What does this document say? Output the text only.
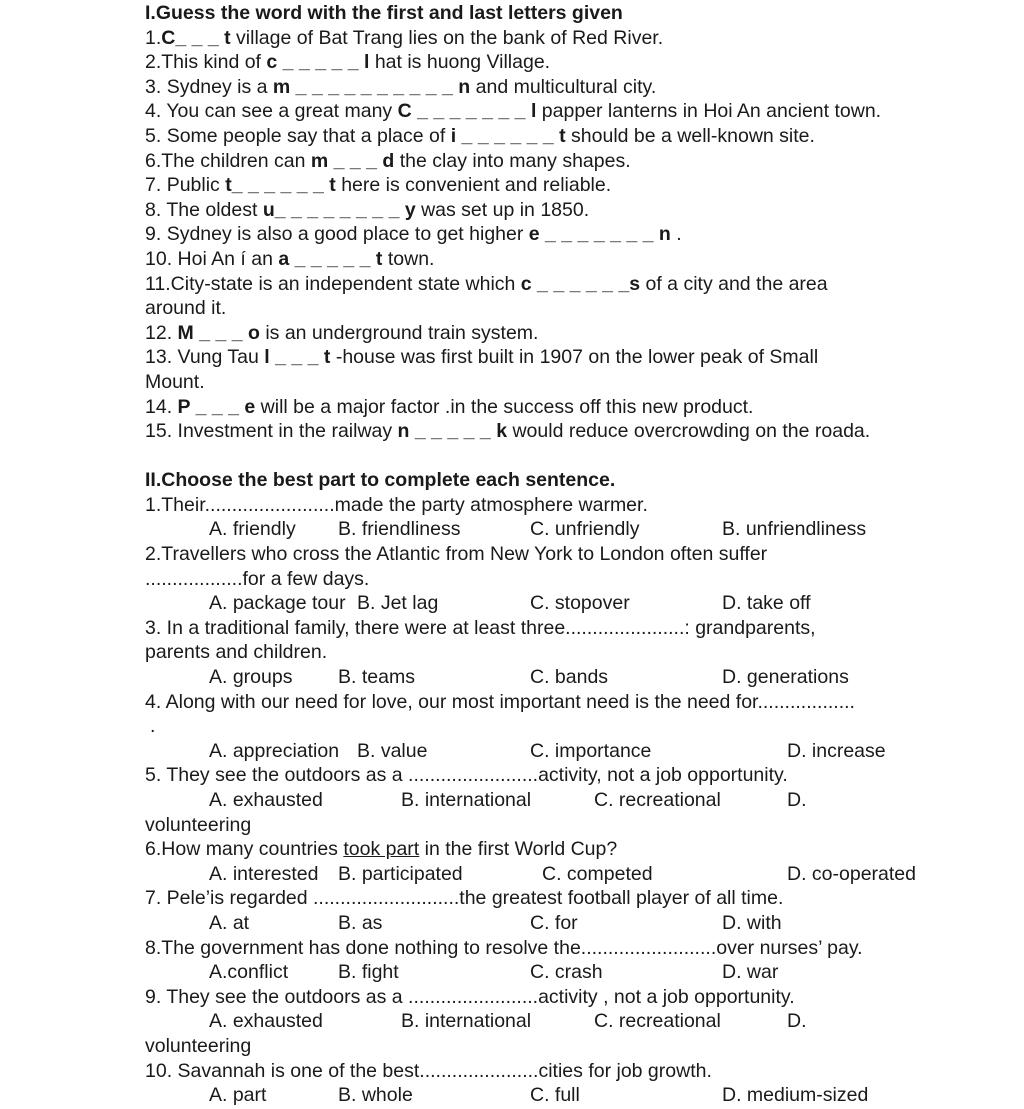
I.Guess the word with the first and last letters given
1.C_ _ _ t village of Bat Trang lies on the bank of Red River.
2.This kind of c _ _ _ _ _ l hat is huong Village.
3. Sydney is a m _ _ _ _ _ _ _ _ _ _ n and multicultural city.
4. You can see a great many C _ _ _ _ _ _ _ l papper lanterns in Hoi An ancient town.
5. Some people say that a place of i _ _ _ _ _ _ t should be a well-known site.
6.The children can m _ _ _ d the clay into many shapes.
7. Public t_ _ _ _ _ _ t here is convenient and reliable.
8. The oldest u_ _ _ _ _ _ _ _ y was set up in 1850.
9. Sydney is also a good place to get higher e _ _ _ _ _ _ _ n .
10. Hoi An í an a _ _ _ _ _ t town.
11.City-state is an independent state which c _ _ _ _ _ _s of a city and the area
around it.
12. M _ _ _ o is an underground train system.
13. Vung Tau l _ _ _ t -house was first built in 1907 on the lower peak of Small
Mount.
14. P _ _ _ e will be a major factor .in the success off this new product.
15. Investment in the railway n _ _ _ _ _ k would reduce overcrowding on the roada.
II.Choose the best part to complete each sentence.
1.Their........................made the party atmosphere warmer.
A. friendly B. friendliness	C. unfriendly	B. unfriendliness
2.Travellers who cross the Atlantic from New York to London often suffer
..................for a few days.
A. package tour B. Jet lag	C. stopover	D. take off
3. In a traditional family, there were at least three......................: grandparents,
parents and children.
A. groups B. teams	C. bands	D. generations
4. Along with our need for love, our most important need is the need for..................
.
A. appreciation B. value	C. importance	D. increase
5. They see the outdoors as a ........................activity, not a job opportunity.
A. exhausted	B. international	C. recreational	D.
volunteering
6.How many countries took part in the first World Cup?
A. interested B. participated	C. competed	D. co-operated
7. Pele’is regarded ...........................the greatest football player of all time.
A. at	B. as	C. for	D. with
8.The government has done nothing to resolve the.........................over nurses’ pay.
A.conflict	B. fight	C. crash	D. war
9. They see the outdoors as a ........................activity , not a job opportunity.
A. exhausted	B. international	C. recreational	D.
volunteering
10. Savannah is one of the best......................cities for job growth.
A. part	B. whole	C. full	D. medium-sized
